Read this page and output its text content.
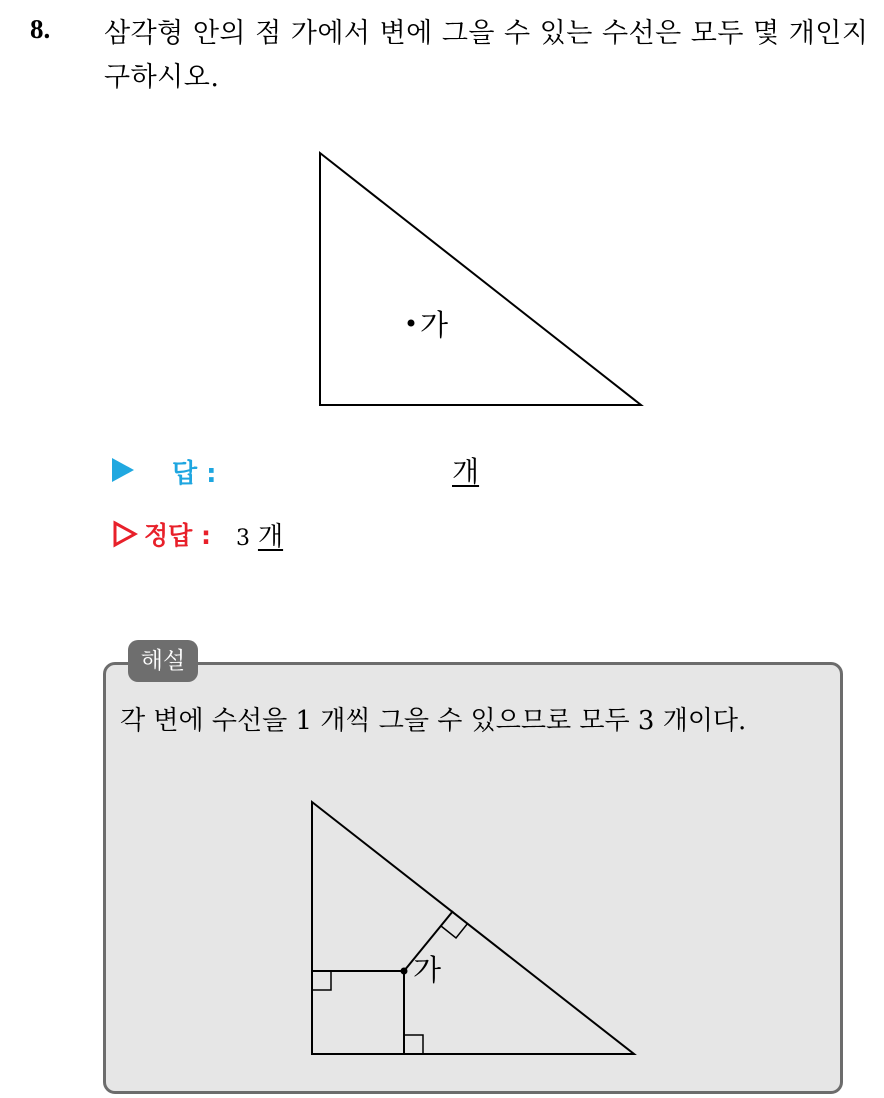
8. 삼각형 안의 점 가에서 변에 그을 수 있는 수선은 모두 몇 개인지 구하시오.
가
답 :	개
정답 : 3 개
해설
각 변에 수선을 1 개씩 그을 수 있으므로 모두 3 개이다.
가
